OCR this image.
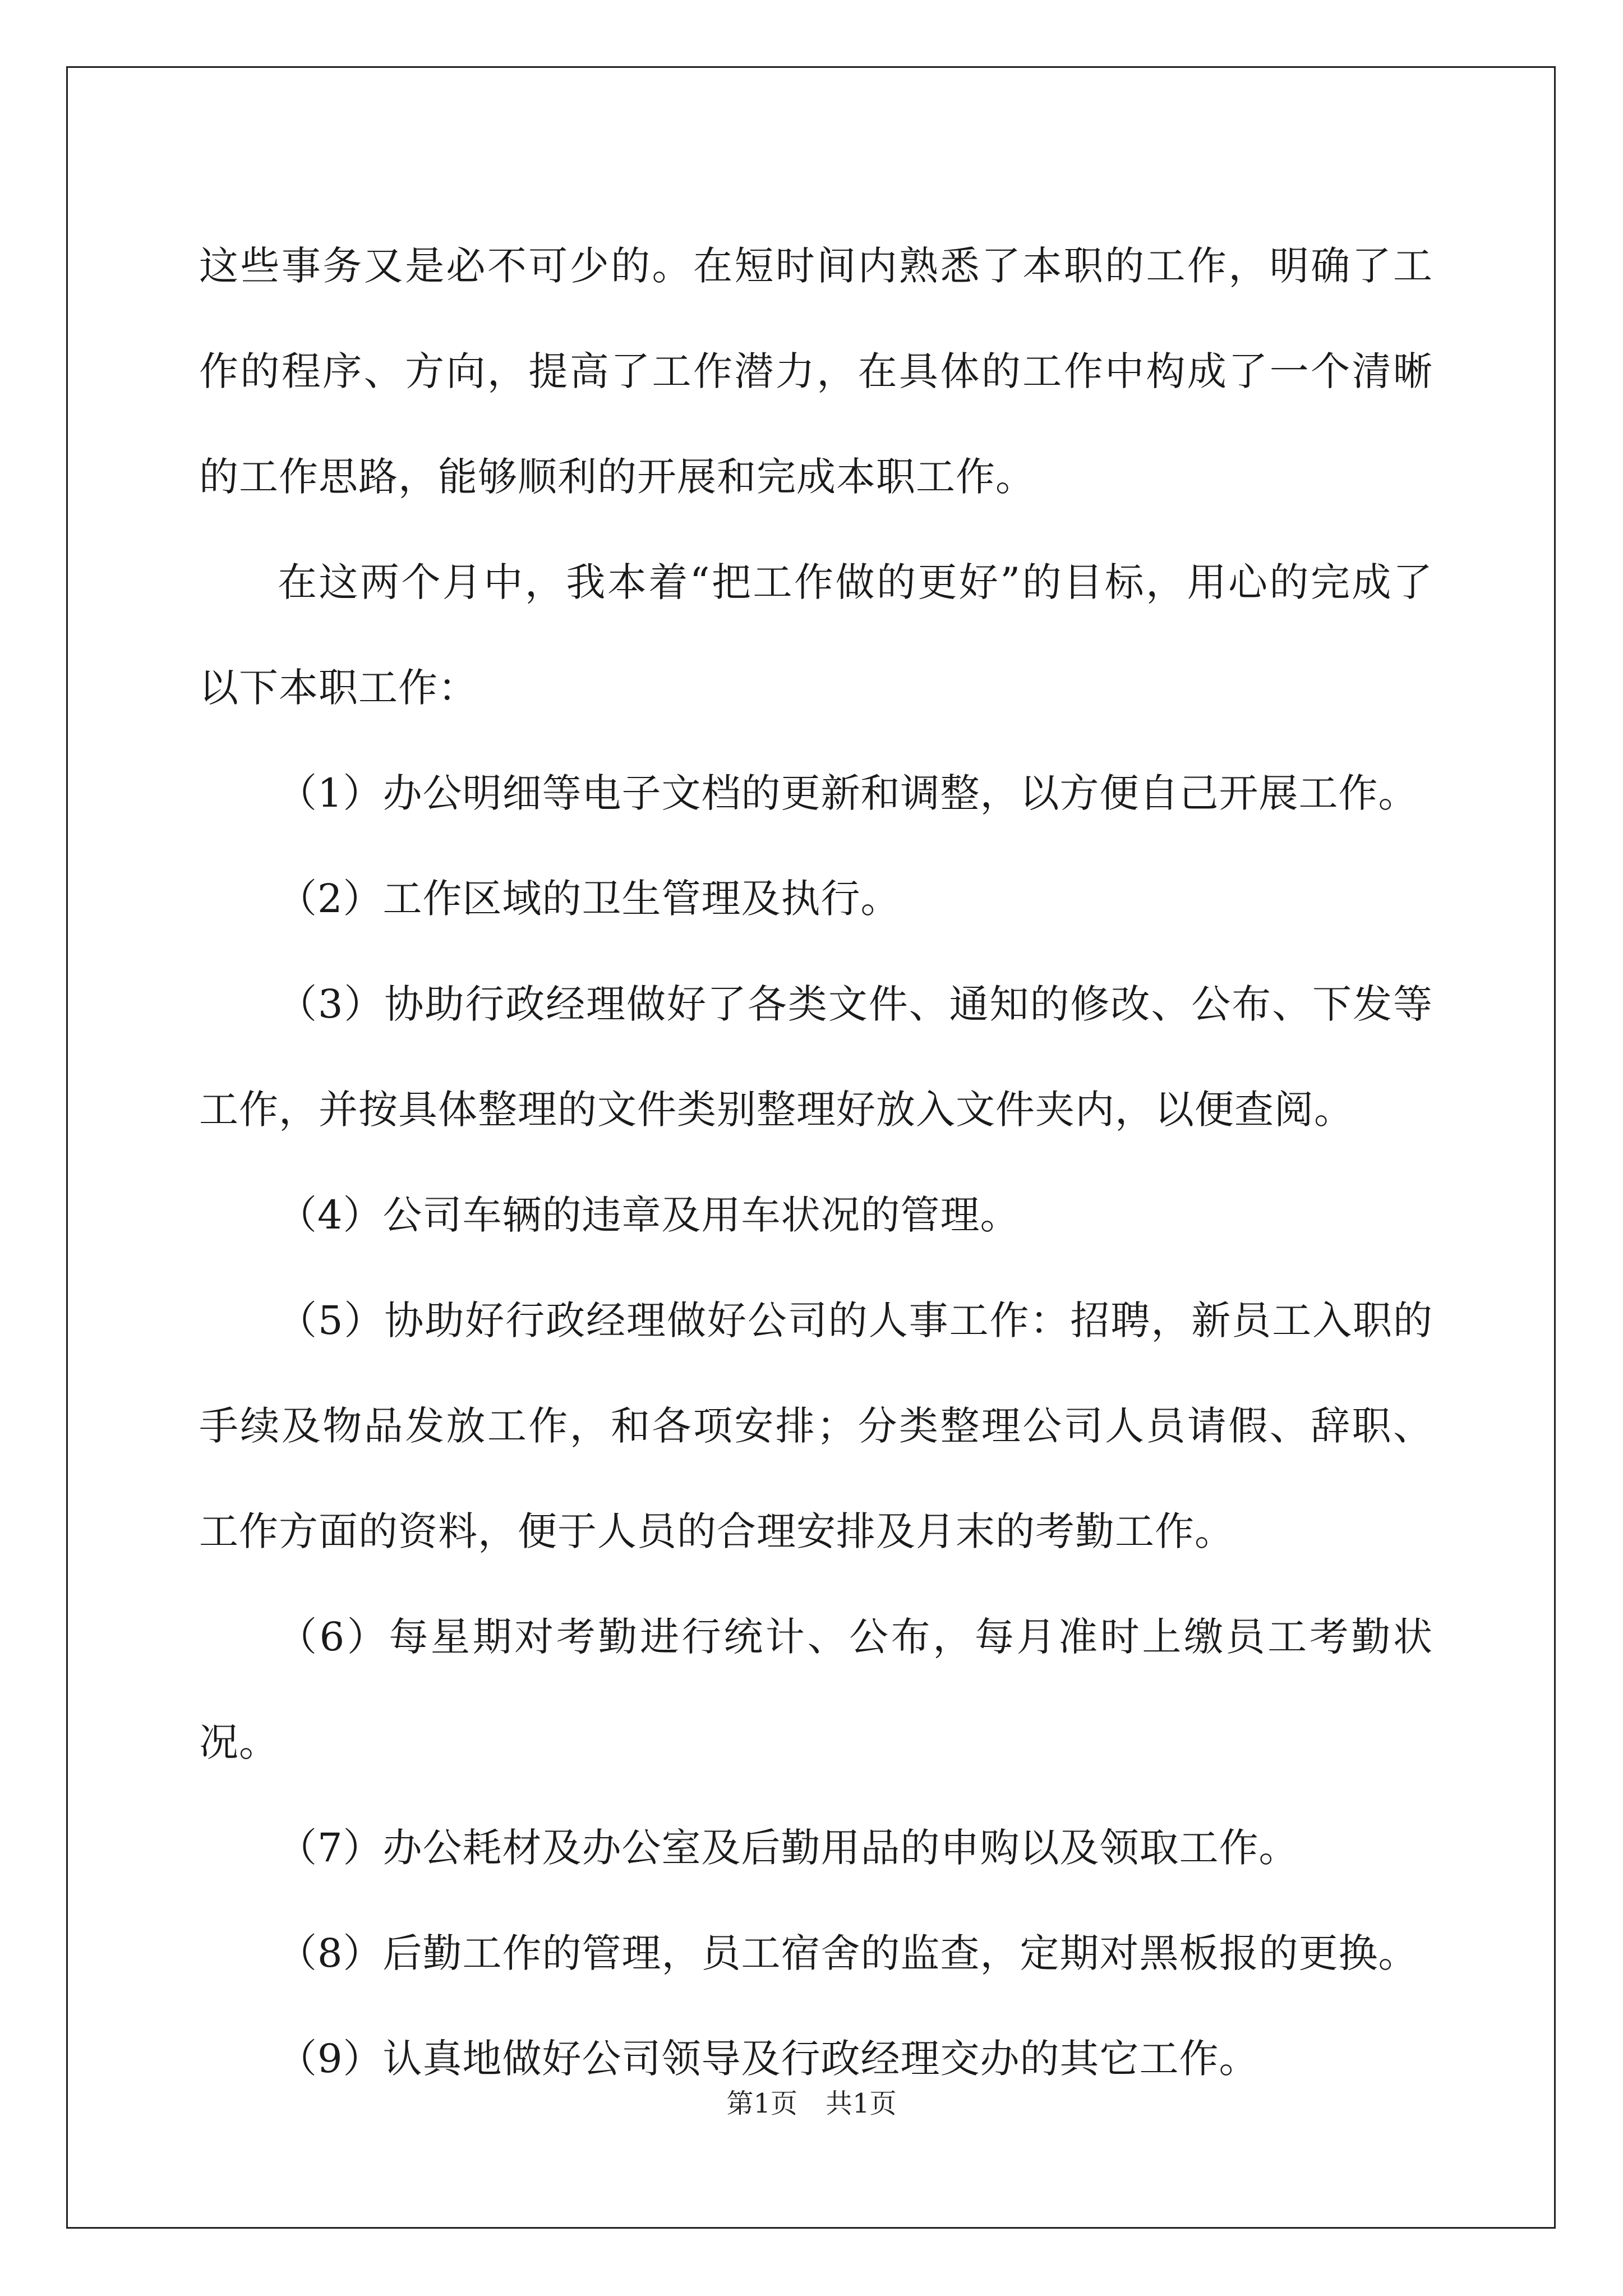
这些事务又是必不可少的。在短时间内熟悉了本职的工作，明确了工作的程序、方向，提高了工作潜力，在具体的工作中构成了一个清晰的工作思路，能够顺利的开展和完成本职工作。

在这两个月中，我本着“把工作做的更好”的目标，用心的完成了以下本职工作：

（1）办公明细等电子文档的更新和调整，以方便自己开展工作。

（2）工作区域的卫生管理及执行。

（3）协助行政经理做好了各类文件、通知的修改、公布、下发等工作，并按具体整理的文件类别整理好放入文件夹内，以便查阅。

（4）公司车辆的违章及用车状况的管理。

（5）协助好行政经理做好公司的人事工作：招聘，新员工入职的手续及物品发放工作，和各项安排；分类整理公司人员请假、辞职、工作方面的资料，便于人员的合理安排及月末的考勤工作。

（6）每星期对考勤进行统计、公布，每月准时上缴员工考勤状况。

（7）办公耗材及办公室及后勤用品的申购以及领取工作。

（8）后勤工作的管理，员工宿舍的监查，定期对黑板报的更换。

（9）认真地做好公司领导及行政经理交办的其它工作。

第1页 共1页
